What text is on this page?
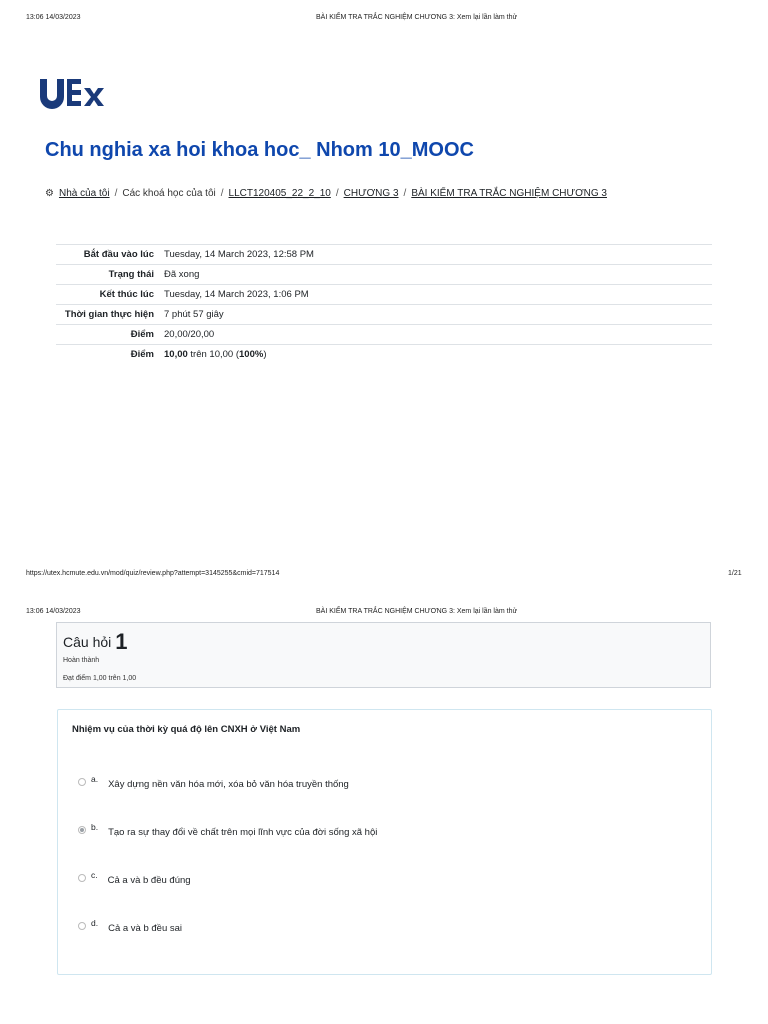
13:06 14/03/2023	BÀI KIỂM TRA TRẮC NGHIỆM CHƯƠNG 3: Xem lại lần làm thử
Chu nghia xa hoi khoa hoc_ Nhom 10_MOOC
⚙ Nhà của tôi / Các khoá học của tôi / LLCT120405_22_2_10 / CHƯƠNG 3 / BÀI KIỂM TRA TRẮC NGHIỆM CHƯƠNG 3
Bắt đầu vào lúc	Tuesday, 14 March 2023, 12:58 PM
Trạng thái	Đã xong
Kết thúc lúc	Tuesday, 14 March 2023, 1:06 PM
Thời gian thực hiện	7 phút 57 giây
Điểm	20,00/20,00
Điểm	10,00 trên 10,00 (100%)
https://utex.hcmute.edu.vn/mod/quiz/review.php?attempt=3145255&cmid=717514	1/21
13:06 14/03/2023	BÀI KIỂM TRA TRẮC NGHIỆM CHƯƠNG 3: Xem lại lần làm thử
Câu hỏi 1
Hoàn thành
Đạt điểm 1,00 trên 1,00
Nhiệm vụ của thời kỳ quá độ lên CNXH ở Việt Nam
a. Xây dựng nền văn hóa mới, xóa bỏ văn hóa truyền thống
b. Tạo ra sự thay đổi về chất trên mọi lĩnh vực của đời sống xã hội
c. Cả a và b đều đúng
d. Cả a và b đều sai
